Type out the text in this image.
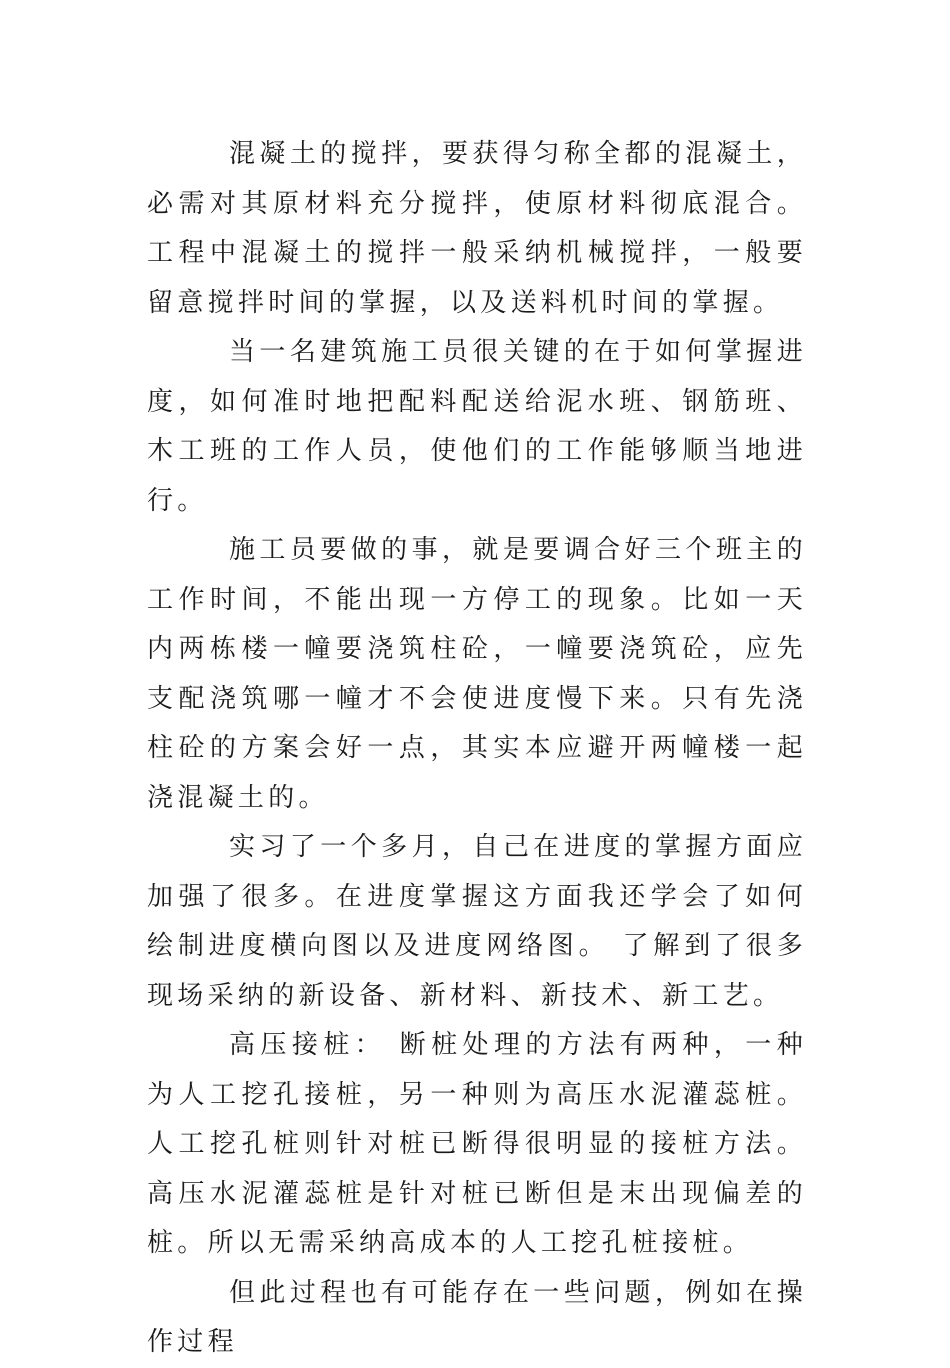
混凝土的搅拌，要获得匀称全都的混凝土，必需对其原材料充分搅拌，使原材料彻底混合。工程中混凝土的搅拌一般采纳机械搅拌，一般要留意搅拌时间的掌握，以及送料机时间的掌握。

当一名建筑施工员很关键的在于如何掌握进度，如何准时地把配料配送给泥水班、钢筋班、木工班的工作人员，使他们的工作能够顺当地进行。

施工员要做的事，就是要调合好三个班主的工作时间，不能出现一方停工的现象。比如一天内两栋楼一幢要浇筑柱砼，一幢要浇筑砼，应先支配浇筑哪一幢才不会使进度慢下来。只有先浇柱砼的方案会好一点，其实本应避开两幢楼一起浇混凝土的。

实习了一个多月，自己在进度的掌握方面应加强了很多。在进度掌握这方面我还学会了如何绘制进度横向图以及进度网络图。 了解到了很多现场采纳的新设备、新材料、新技术、新工艺。

高压接桩： 断桩处理的方法有两种，一种为人工挖孔接桩，另一种则为高压水泥灌蕊桩。人工挖孔桩则针对桩已断得很明显的接桩方法。高压水泥灌蕊桩是针对桩已断但是末出现偏差的桩。所以无需采纳高成本的人工挖孔桩接桩。

但此过程也有可能存在一些问题，例如在操作过程
